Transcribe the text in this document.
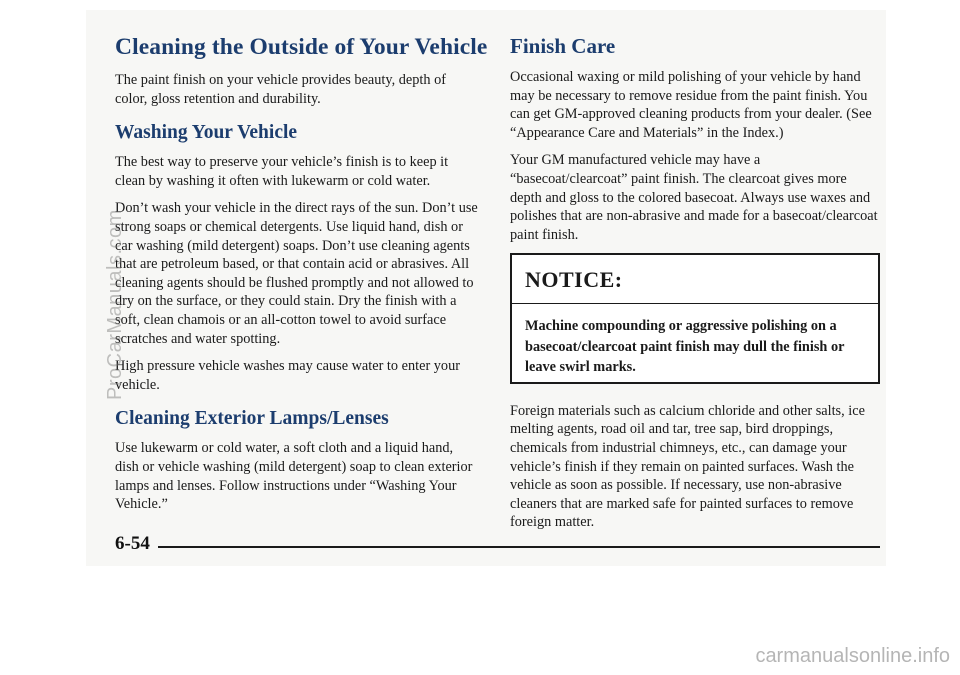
Cleaning the Outside of Your Vehicle

The paint finish on your vehicle provides beauty, depth of color, gloss retention and durability.

Washing Your Vehicle

The best way to preserve your vehicle’s finish is to keep it clean by washing it often with lukewarm or cold water.

Don’t wash your vehicle in the direct rays of the sun. Don’t use strong soaps or chemical detergents. Use liquid hand, dish or car washing (mild detergent) soaps. Don’t use cleaning agents that are petroleum based, or that contain acid or abrasives. All cleaning agents should be flushed promptly and not allowed to dry on the surface, or they could stain. Dry the finish with a soft, clean chamois or an all-cotton towel to avoid surface scratches and water spotting.

High pressure vehicle washes may cause water to enter your vehicle.

Cleaning Exterior Lamps/Lenses

Use lukewarm or cold water, a soft cloth and a liquid hand, dish or vehicle washing (mild detergent) soap to clean exterior lamps and lenses. Follow instructions under “Washing Your Vehicle.”

Finish Care

Occasional waxing or mild polishing of your vehicle by hand may be necessary to remove residue from the paint finish. You can get GM-approved cleaning products from your dealer. (See “Appearance Care and Materials” in the Index.)

Your GM manufactured vehicle may have a “basecoat/clearcoat” paint finish. The clearcoat gives more depth and gloss to the colored basecoat. Always use waxes and polishes that are non-abrasive and made for a basecoat/clearcoat paint finish.

NOTICE:
Machine compounding or aggressive polishing on a basecoat/clearcoat paint finish may dull the finish or leave swirl marks.

Foreign materials such as calcium chloride and other salts, ice melting agents, road oil and tar, tree sap, bird droppings, chemicals from industrial chimneys, etc., can damage your vehicle’s finish if they remain on painted surfaces. Wash the vehicle as soon as possible. If necessary, use non-abrasive cleaners that are marked safe for painted surfaces to remove foreign matter.

6-54
ProCarManuals.com
carmanualsonline.info
